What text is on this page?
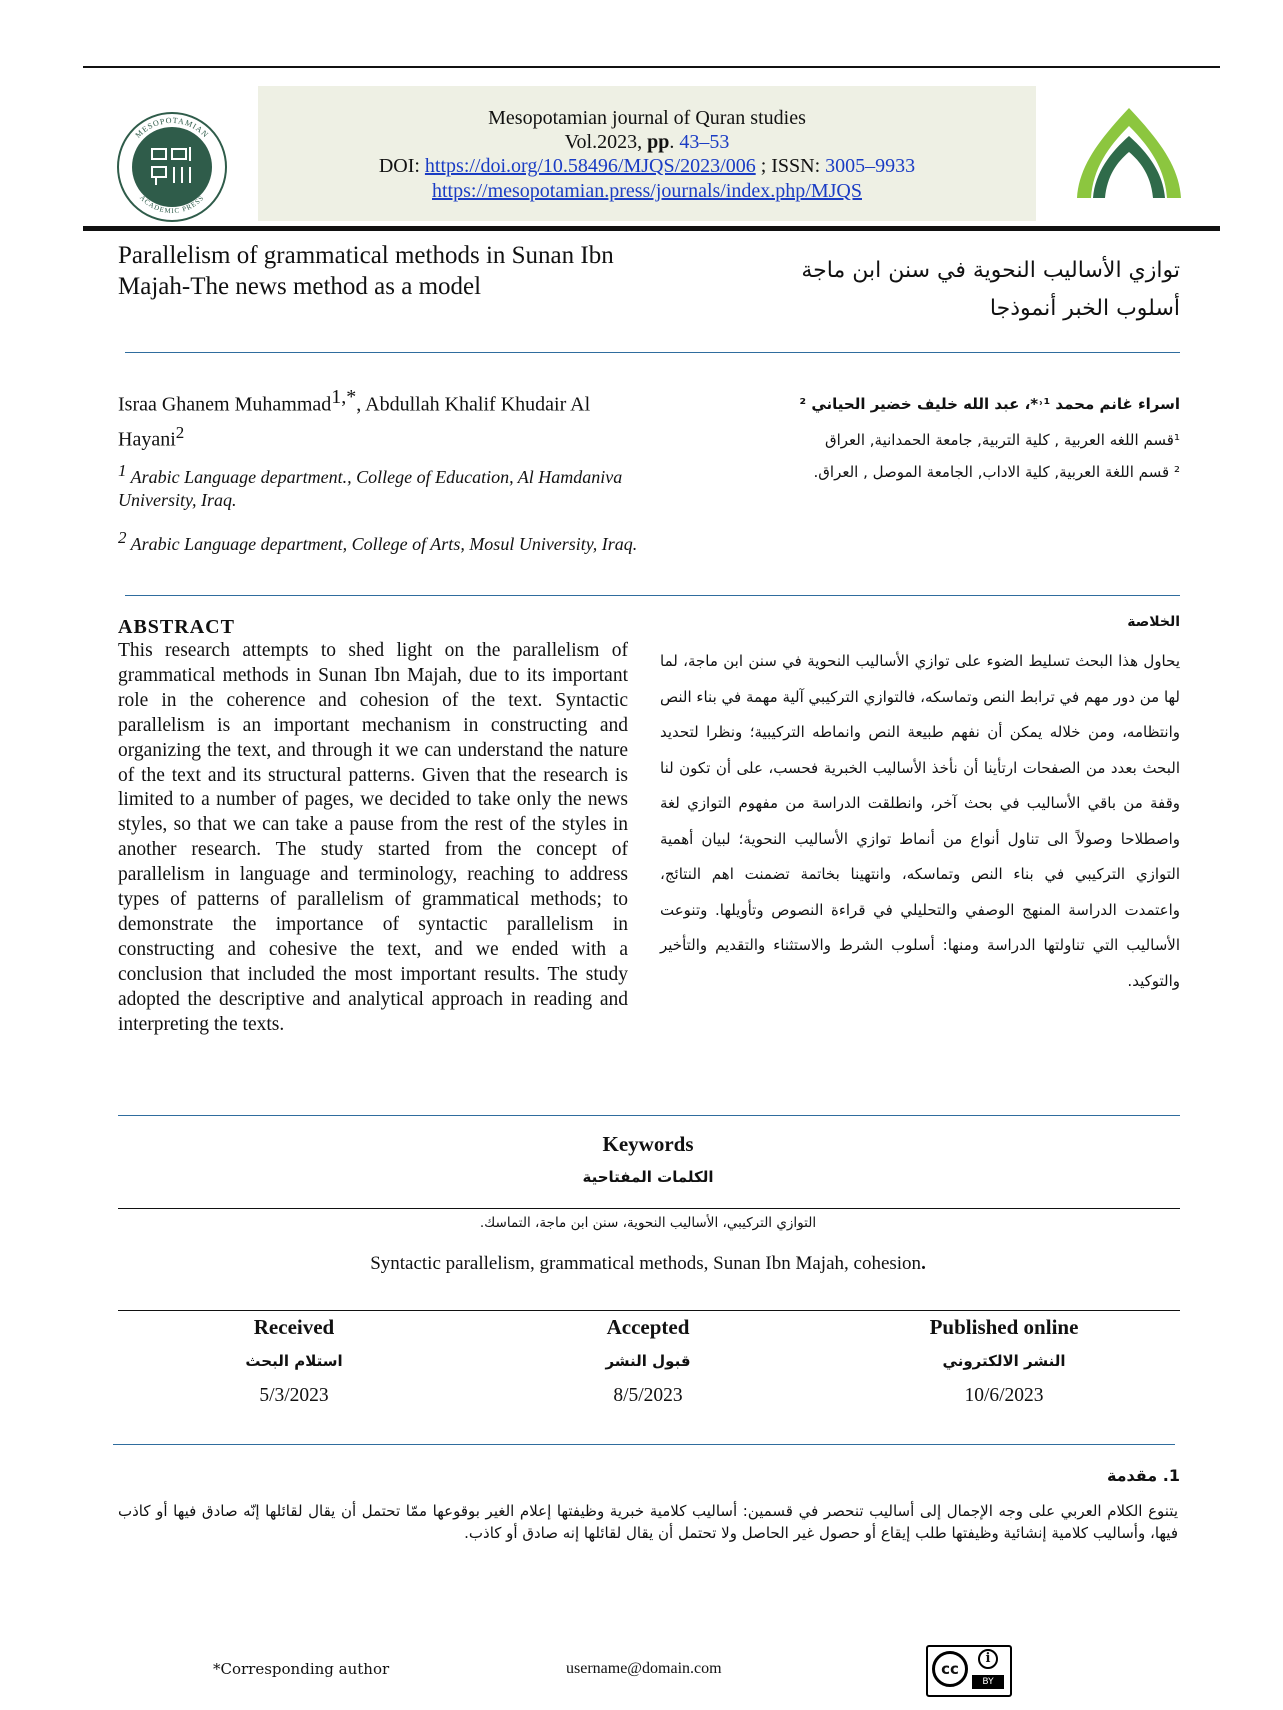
MESOPOTAMIAN
ACADEMIC PRESS
Mesopotamian journal of Quran studies
Vol.2023, pp. 43–53
DOI: https://doi.org/10.58496/MJQS/2023/006 ; ISSN: 3005–9933
https://mesopotamian.press/journals/index.php/MJQS
Parallelism of grammatical methods in Sunan Ibn Majah-The news method as a model
توازي الأساليب النحوية في سنن ابن ماجة
أسلوب الخبر أنموذجا
Israa Ghanem Muhammad$^{1,*}$, Abdullah Khalif Khudair Al Hayani$^2$
$^1$ Arabic Language department., College of Education, Al Hamdaniva University, Iraq.
$^2$ Arabic Language department, College of Arts, Mosul University, Iraq.
اسراء غانم محمد ¹˒*، عبد الله خليف خضير الحياني ²
¹قسم اللغه العربية , كلية التربية, جامعة الحمدانية, العراق
² قسم اللغة العربية, كلية الاداب, الجامعة الموصل , العراق.
ABSTRACT

This research attempts to shed light on the parallelism of grammatical methods in Sunan Ibn Majah, due to its important role in the coherence and cohesion of the text. Syntactic parallelism is an important mechanism in constructing and organizing the text, and through it we can understand the nature of the text and its structural patterns. Given that the research is limited to a number of pages, we decided to take only the news styles, so that we can take a pause from the rest of the styles in another research. The study started from the concept of parallelism in language and terminology, reaching to address types of patterns of parallelism of grammatical methods; to demonstrate the importance of syntactic parallelism in constructing and cohesive the text, and we ended with a conclusion that included the most important results. The study adopted the descriptive and analytical approach in reading and interpreting the texts.

الخلاصة

يحاول هذا البحث تسليط الضوء على توازي الأساليب النحوية في سنن ابن ماجة، لما لها من دور مهم في ترابط النص وتماسكه، فالتوازي التركيبي آلية مهمة في بناء النص وانتظامه، ومن خلاله يمكن أن نفهم طبيعة النص وانماطه التركيبية؛ ونظرا لتحديد البحث بعدد من الصفحات ارتأينا أن نأخذ الأساليب الخبرية فحسب، على أن تكون لنا وقفة من باقي الأساليب في بحث آخر، وانطلقت الدراسة من مفهوم التوازي لغة واصطلاحا وصولاً الى تناول أنواع من أنماط توازي الأساليب النحوية؛ لبيان أهمية التوازي التركيبي في بناء النص وتماسكه، وانتهينا بخاتمة تضمنت اهم النتائج، واعتمدت الدراسة المنهج الوصفي والتحليلي في قراءة النصوص وتأويلها. وتنوعت الأساليب التي تناولتها الدراسة ومنها: أسلوب الشرط والاستثناء والتقديم والتأخير والتوكيد.

Keywords
الكلمات المفتاحية
التوازي التركيبي، الأساليب النحوية، سنن ابن ماجة، التماسك.
Syntactic parallelism, grammatical methods, Sunan Ibn Majah, cohesion.
Received
استلام البحث
5/3/2023
Accepted
قبول النشر
8/5/2023
Published online
النشر الالكتروني
10/6/2023
1. مقدمة
يتنوع الكلام العربي على وجه الإجمال إلى أساليب تنحصر في قسمين: أساليب كلامية خبرية وظيفتها إعلام الغير بوقوعها ممّا تحتمل أن يقال لقائلها إنّه صادق فيها أو كاذب فيها، وأساليب كلامية إنشائية وظيفتها طلب إيقاع أو حصول غير الحاصل ولا تحتمل أن يقال لقائلها إنه صادق أو كاذب.
*Corresponding author	username@domain.com	cc
i
BY
